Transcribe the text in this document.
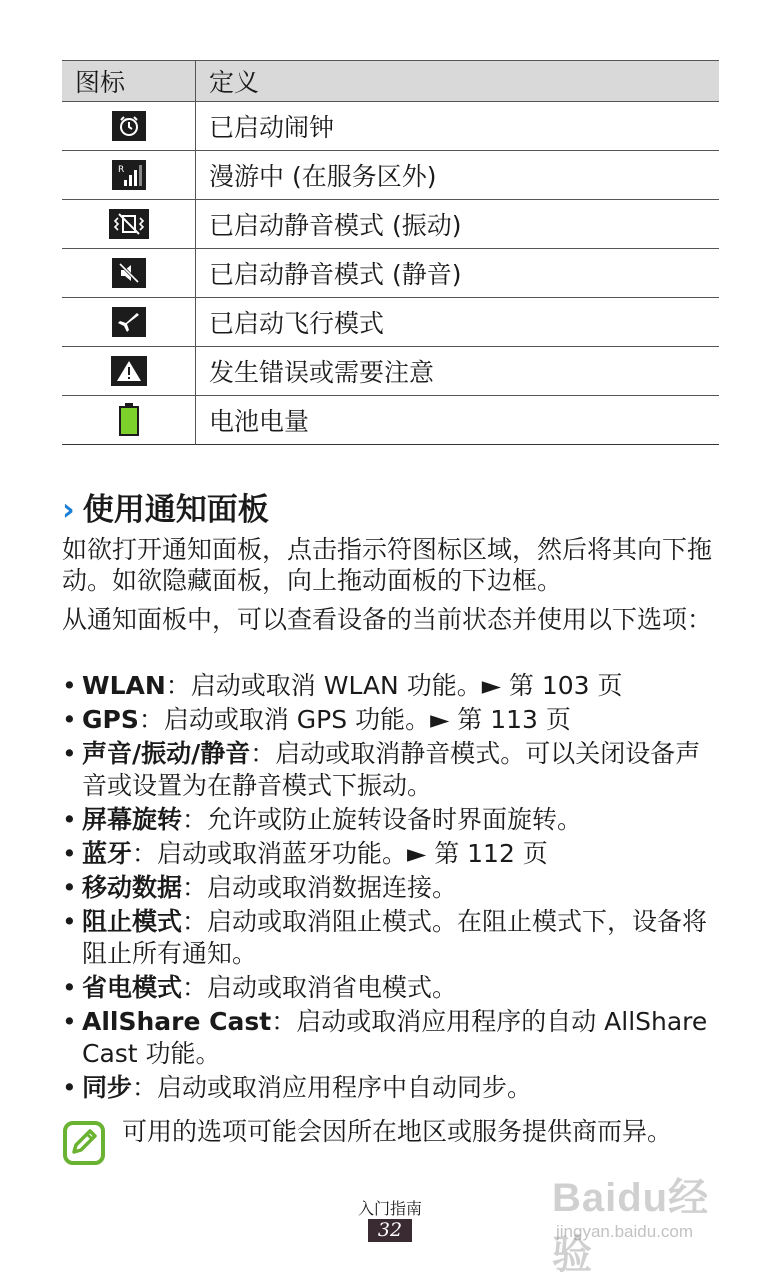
图标	定义

	已启动闹钟

R	漫游中 (在服务区外)

	已启动静音模式 (振动)

	已启动静音模式 (静音)

	已启动飞行模式

	发生错误或需要注意
	电池电量
› 使用通知面板

如欲打开通知面板，点击指示符图标区域，然后将其向下拖动。如欲隐藏面板，向上拖动面板的下边框。

从通知面板中，可以查看设备的当前状态并使用以下选项：

• WLAN：启动或取消 WLAN 功能。► 第 103 页
• GPS：启动或取消 GPS 功能。► 第 113 页
• 声音/振动/静音：启动或取消静音模式。可以关闭设备声音或设置为在静音模式下振动。
• 屏幕旋转：允许或防止旋转设备时界面旋转。
• 蓝牙：启动或取消蓝牙功能。► 第 112 页
• 移动数据：启动或取消数据连接。
• 阻止模式：启动或取消阻止模式。在阻止模式下，设备将阻止所有通知。
• 省电模式：启动或取消省电模式。
• AllShare Cast：启动或取消应用程序的自动 AllShare Cast 功能。
• 同步：启动或取消应用程序中自动同步。
可用的选项可能会因所在地区或服务提供商而异。
入门指南
32
Baidu经验
jingyan.baidu.com
